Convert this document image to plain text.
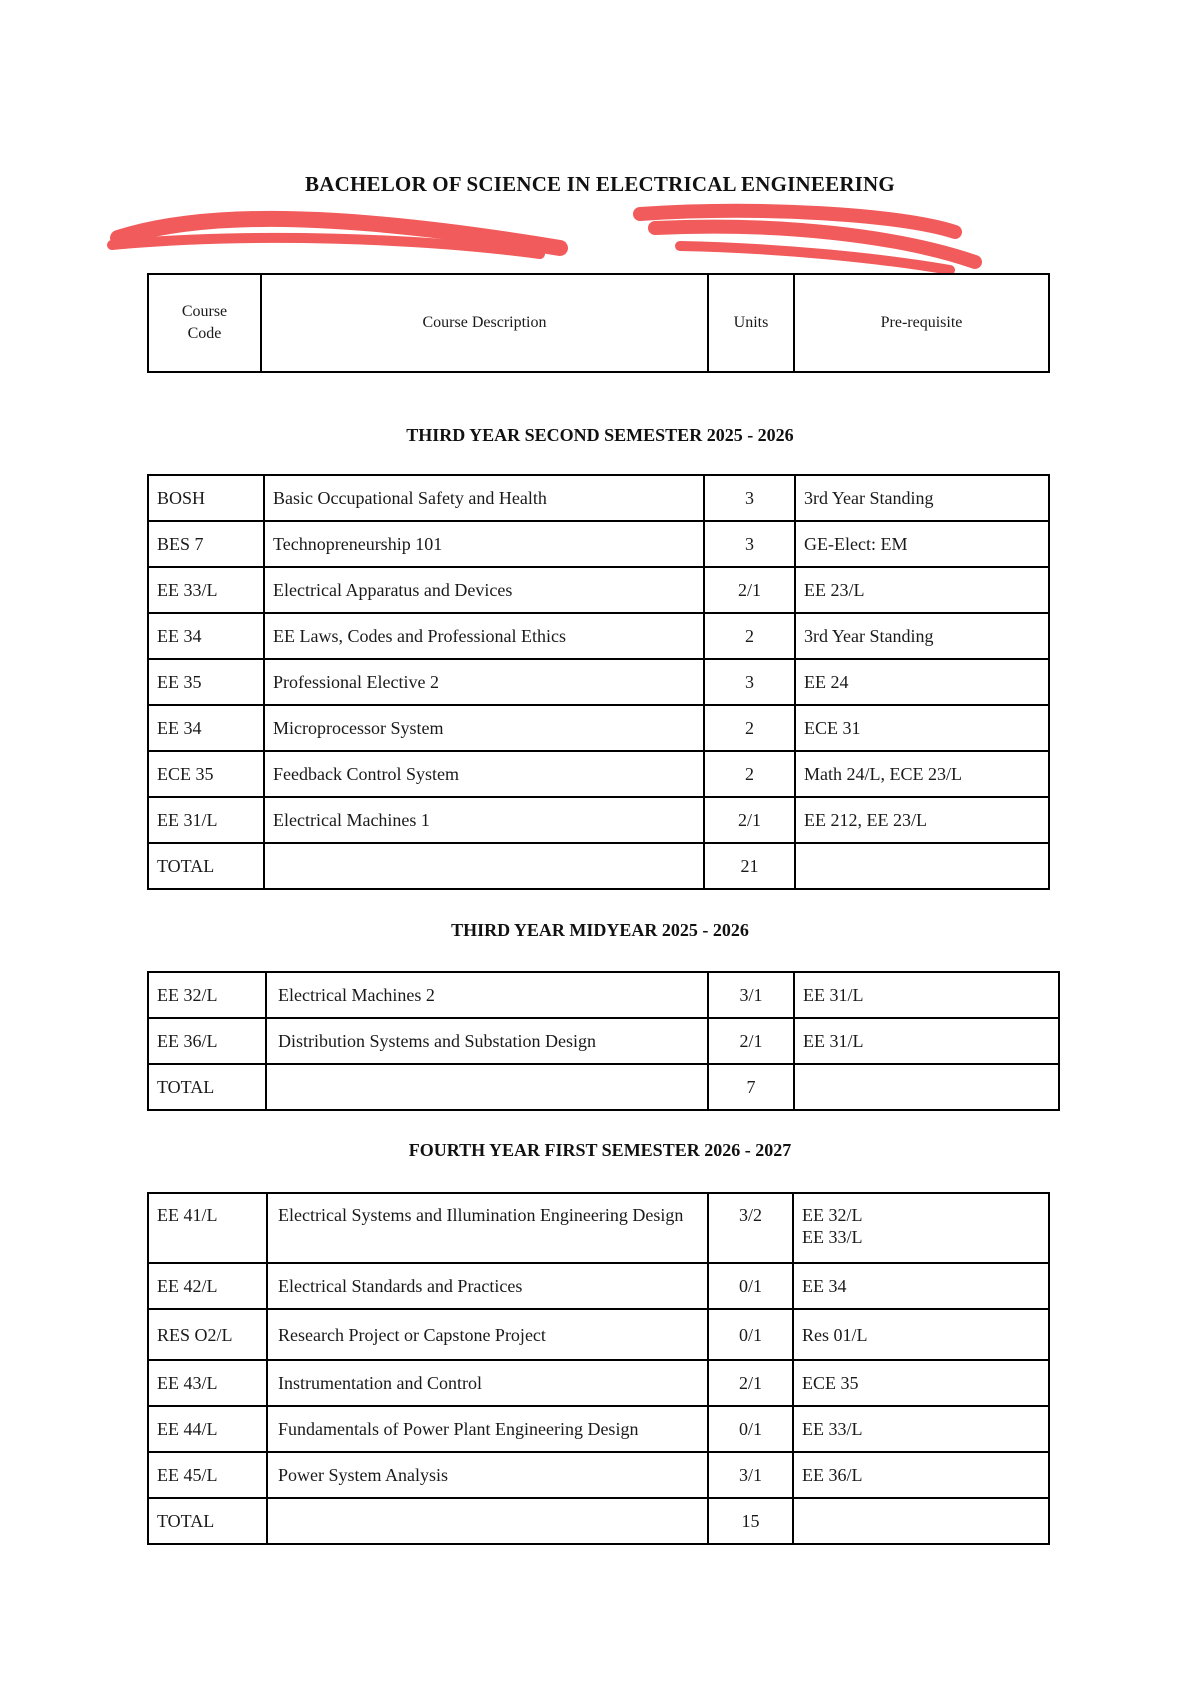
BACHELOR OF SCIENCE IN ELECTRICAL ENGINEERING
Course Code	Course Description	Units	Pre-requisite
THIRD YEAR SECOND SEMESTER 2025 - 2026
BOSH	Basic Occupational Safety and Health	3	3rd Year Standing
BES 7	Technopreneurship 101	3	GE-Elect: EM
EE 33/L	Electrical Apparatus and Devices	2/1	EE 23/L
EE 34	EE Laws, Codes and Professional Ethics	2	3rd Year Standing
EE 35	Professional Elective 2	3	EE 24
EE 34	Microprocessor System	2	ECE 31
ECE 35	Feedback Control System	2	Math 24/L, ECE 23/L
EE 31/L	Electrical Machines 1	2/1	EE 212, EE 23/L
TOTAL		21	
THIRD YEAR MIDYEAR 2025 - 2026
EE 32/L	Electrical Machines 2	3/1	EE 31/L
EE 36/L	Distribution Systems and Substation Design	2/1	EE 31/L
TOTAL		7	
FOURTH YEAR FIRST SEMESTER 2026 - 2027
EE 41/L	Electrical Systems and Illumination Engineering Design	3/2	EE 32/L
EE 33/L

EE 42/L	Electrical Standards and Practices	0/1	EE 34
RES O2/L	Research Project or Capstone Project	0/1	Res 01/L
EE 43/L	Instrumentation and Control	2/1	ECE 35
EE 44/L	Fundamentals of Power Plant Engineering Design	0/1	EE 33/L
EE 45/L	Power System Analysis	3/1	EE 36/L
TOTAL		15	
